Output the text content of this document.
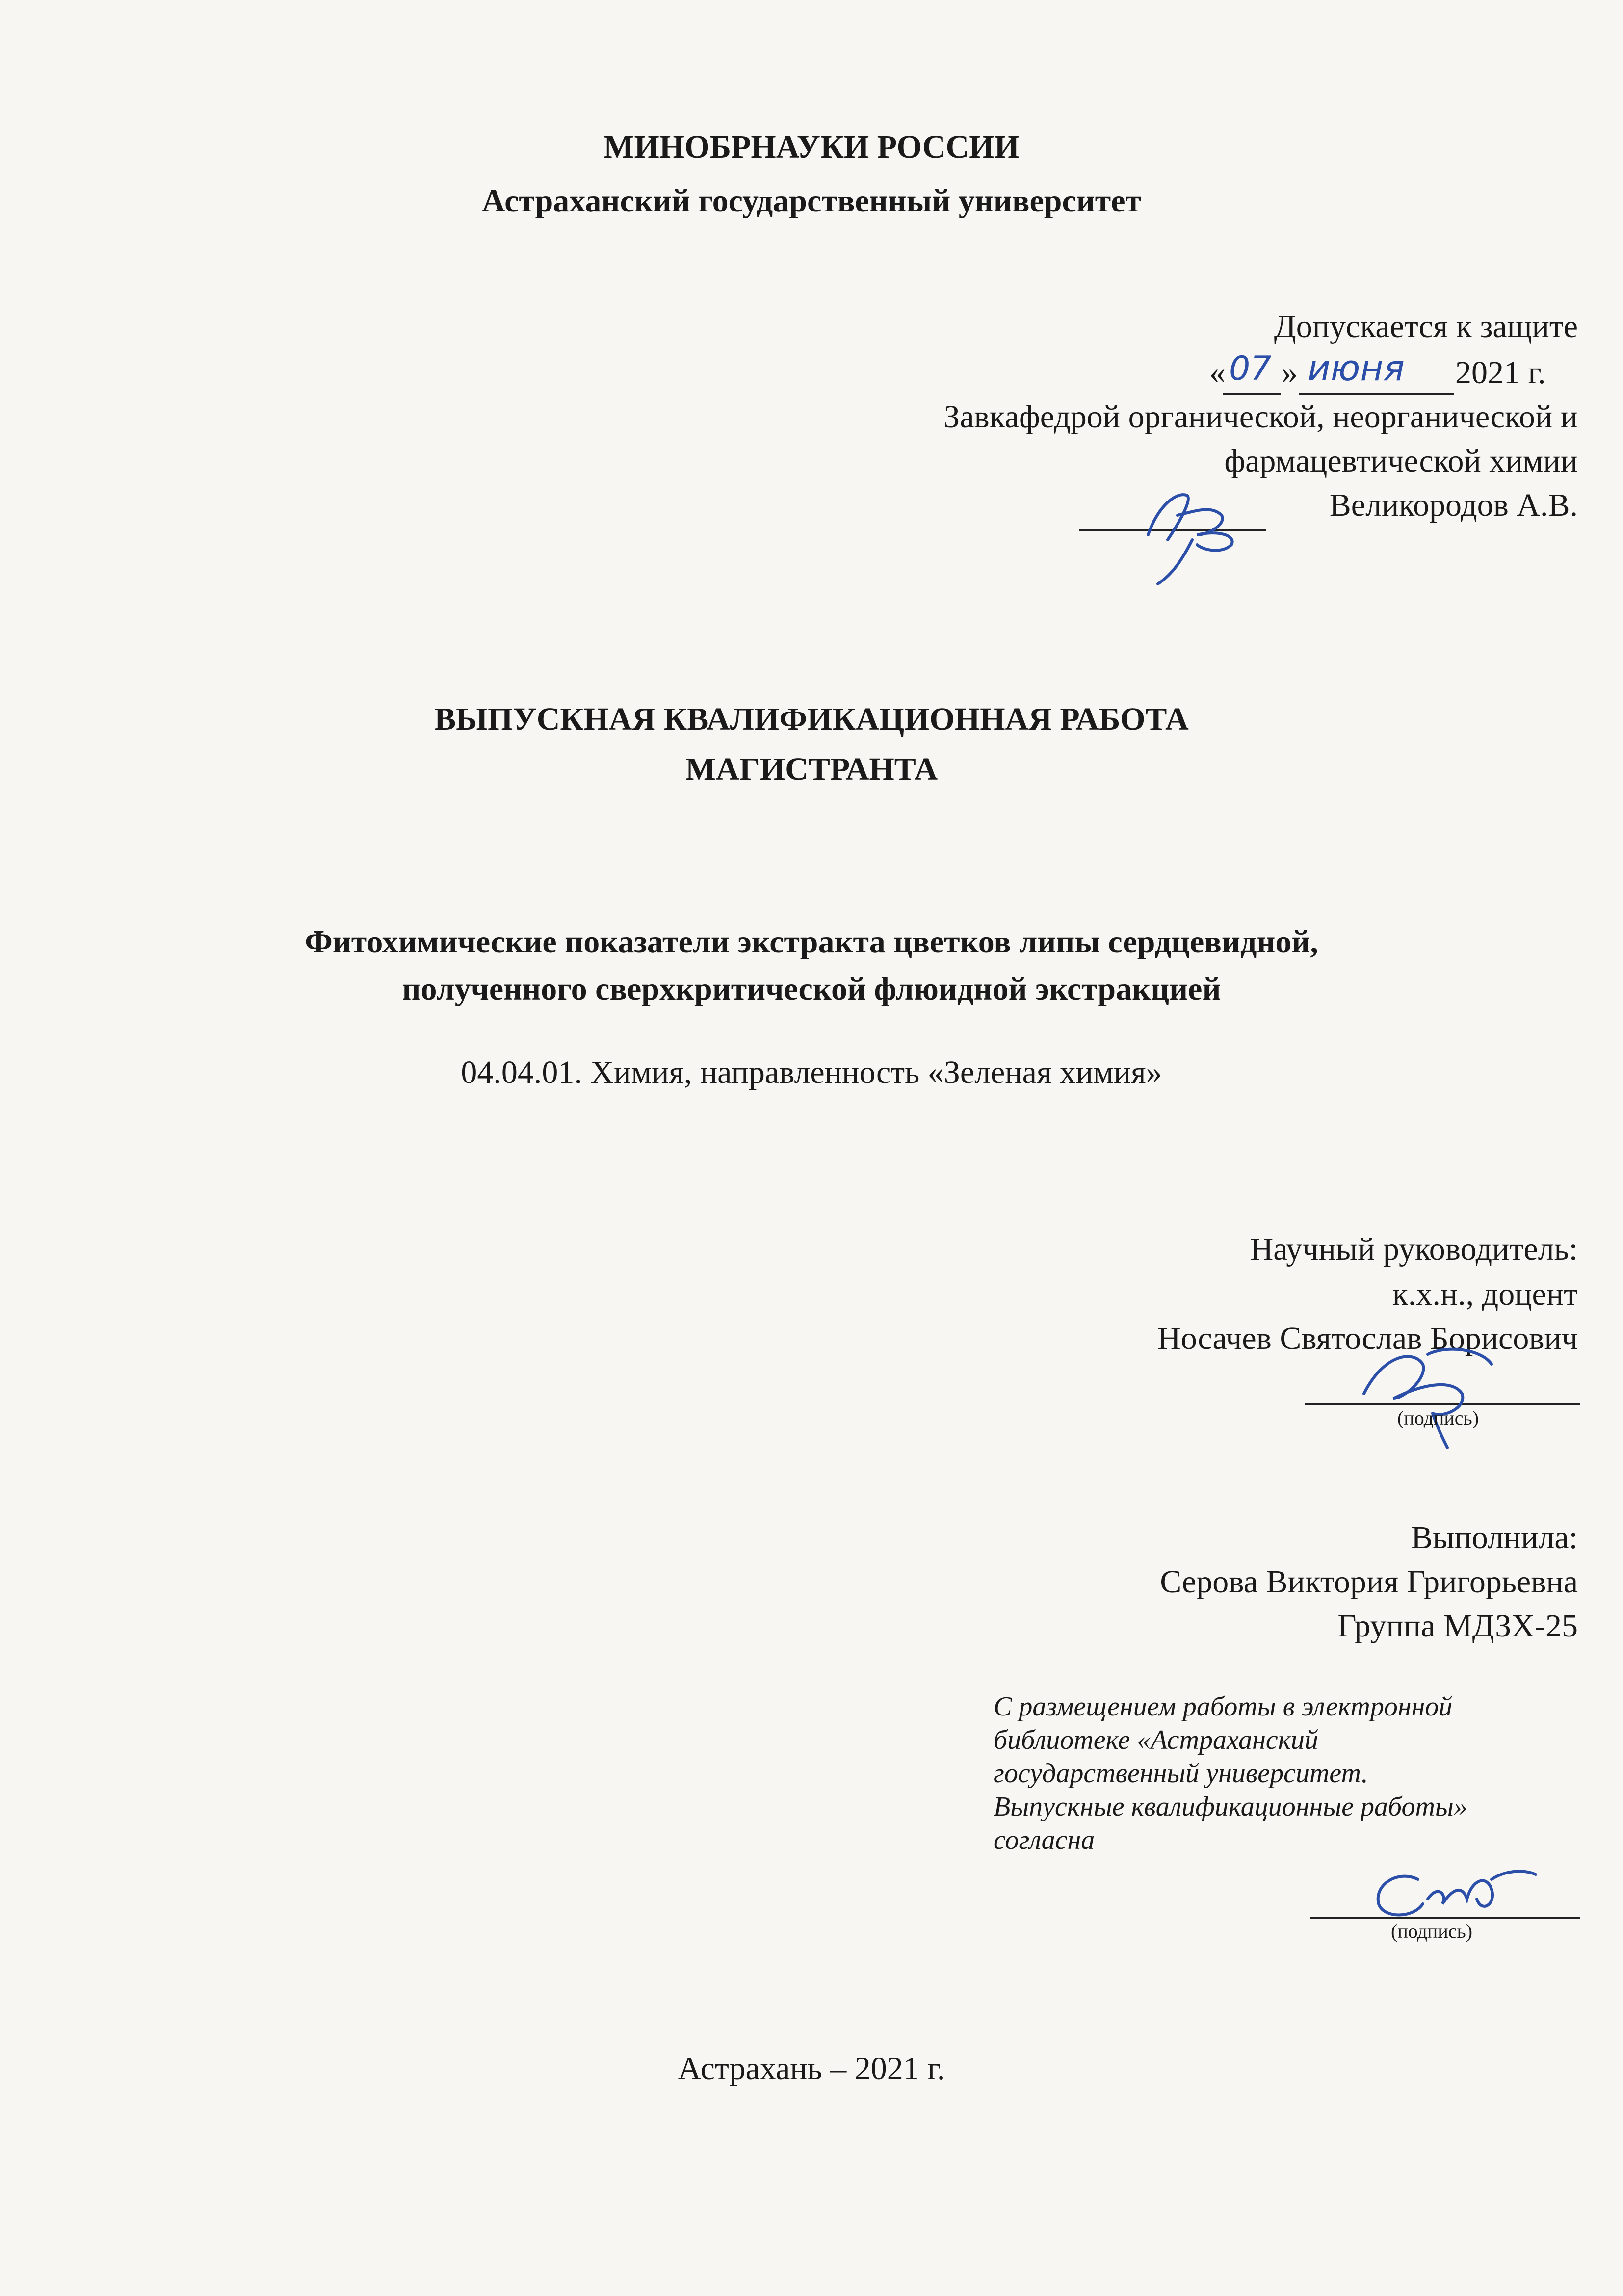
МИНОБРНАУКИ РОССИИ
Астраханский государственный университет
Допускается к защите
« 07 » июня 2021 г.
Завкафедрой органической, неорганической и
фармацевтической химии
Великородов А.В.
ВЫПУСКНАЯ КВАЛИФИКАЦИОННАЯ РАБОТА
МАГИСТРАНТА
Фитохимические показатели экстракта цветков липы сердцевидной,
полученного сверхкритической флюидной экстракцией
04.04.01. Химия, направленность «Зеленая химия»
Научный руководитель:
к.х.н., доцент
Носачев Святослав Борисович
(подпись)
Выполнила:
Серова Виктория Григорьевна
Группа МДЗХ-25
С размещением работы в электронной
библиотеке «Астраханский
государственный университет.
Выпускные квалификационные работы»
согласна
(подпись)
Астрахань – 2021 г.
